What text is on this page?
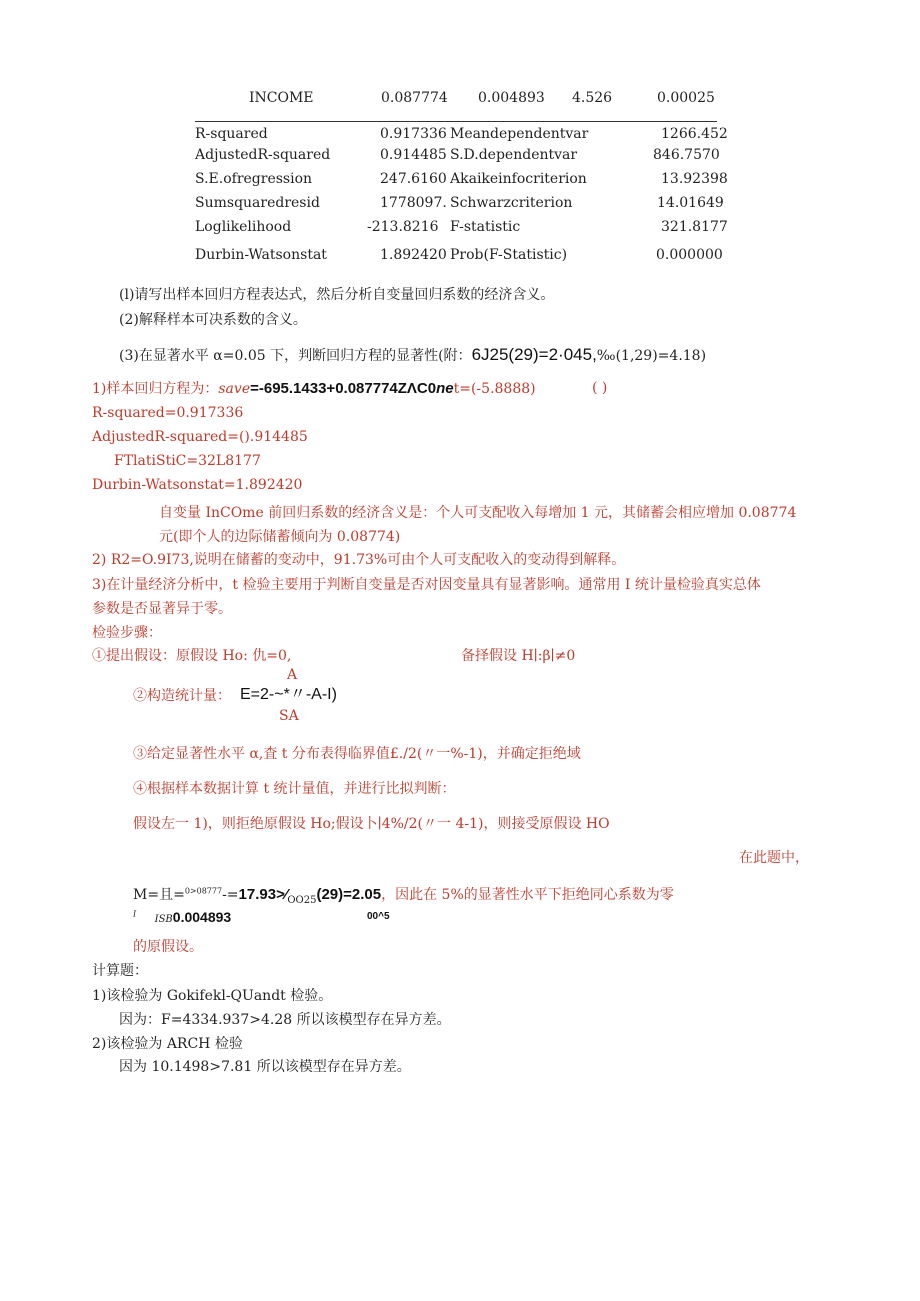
INCOME	0.087774 0.004893 4.526	0.00025
R-squared	0.917336 Meandependentvar	1266.452
AdjustedR-squared	0.914485 S.D.dependentvar	846.7570
S.E.ofregression	247.6160 Akaikeinfocriterion	13.92398
Sumsquaredresid	1778097. Schwarzcriterion	14.01649
Loglikelihood	-213.8216 F-statistic	321.8177
Durbin-Watsonstat	1.892420 Prob(F-Statistic)	0.000000
(l)请写出样本回归方程表达式，然后分析自变量回归系数的经济含义。
(2)解释样本可决系数的含义。
(3)在显著水平 α=0.05 下，判断回归方程的显著性(附：6J25(29)=2·045,‰(1,29)=4.18)
1)样本回归方程为：save=-695.1433+0.087774ZΛC0net=(-5.8888)	( )
R-squared=0.917336
AdjustedR-squared=().914485
FTlatiStiC=32L8177
Durbin-Watsonstat=1.892420
自变量 InCOme 前回归系数的经济含义是：个人可支配收入每增加 1 元，其储蓄会相应增加 0.08774
元(即个人的边际储蓄倾向为 0.08774)
2) R2=O.9I73,说明在储蓄的变动中，91.73%可由个人可支配收入的变动得到解释。
3)在计量经济分析中，t 检验主要用于判断自变量是否对因变量具有显著影响。通常用 I 统计量检验真实总体
参数是否显著异于零。
检验步骤：
①提出假设：原假设 Ho: 仇=0,	备择假设 H∣:β∣≠0
A
②构造统计量： E=2-~*〃-A-I)
SA
③给定显著性水平 α,査 t 分布表得临界值£./2(〃一%-1)，并确定拒绝域
④根据样本数据计算 t 统计量值，并进行比拟判断：
假设左一 1)，则拒绝原假设 Ho;假设卜∣4%/2(〃一 4-1)，则接受原假设 HO
在此题中，
M=且$=^{0>08777}-=17.93>⁄_{OO25}(29)=2.05$，因此在 5%的显著性水平下拒绝同心系数为零
$^I$ ISB0.004893	00^5
的原假设。
计算题：
1)该检验为 Gokifekl-QUandt 检验。
因为：F=4334.937>4.28 所以该模型存在异方差。
2)该检验为 ARCH 检验
因为 10.1498>7.81 所以该模型存在异方差。
